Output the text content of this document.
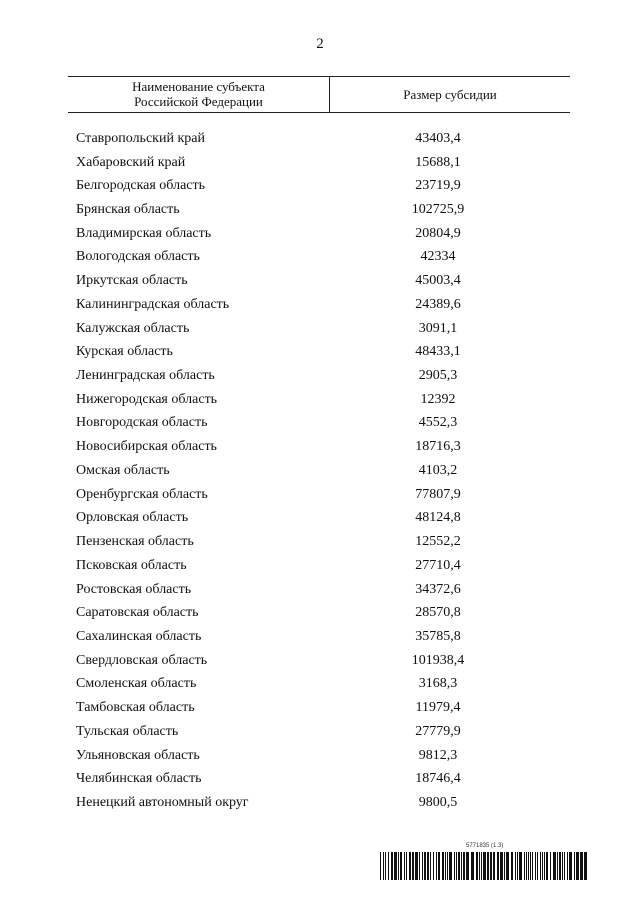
2
Наименование субъекта
Российской Федерации	Размер субсидии
Ставропольский край	43403,4
Хабаровский край	15688,1
Белгородская область	23719,9
Брянская область	102725,9
Владимирская область	20804,9
Вологодская область	42334
Иркутская область	45003,4
Калининградская область	24389,6
Калужская область	3091,1
Курская область	48433,1
Ленинградская область	2905,3
Нижегородская область	12392
Новгородская область	4552,3
Новосибирская область	18716,3
Омская область	4103,2
Оренбургская область	77807,9
Орловская область	48124,8
Пензенская область	12552,2
Псковская область	27710,4
Ростовская область	34372,6
Саратовская область	28570,8
Сахалинская область	35785,8
Свердловская область	101938,4
Смоленская область	3168,3
Тамбовская область	11979,4
Тульская область	27779,9
Ульяновская область	9812,3
Челябинская область	18746,4
Ненецкий автономный округ	9800,5
5771835 (1.3)
